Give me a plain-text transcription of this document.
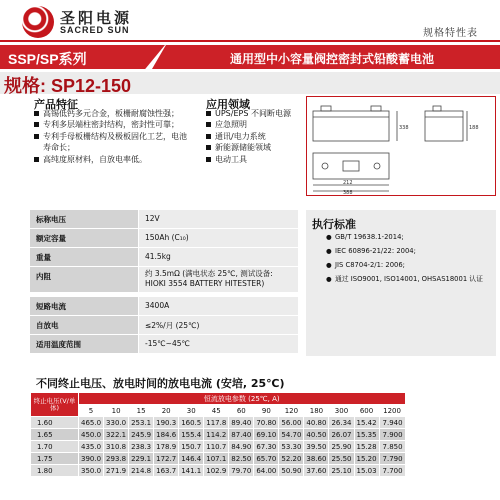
圣阳电源
SACRED SUN	规格特性表
SSP/SP系列	通用型中小容量阀控密封式铅酸蓄电池
规格: SP12-150
产品特征
高锡低钙多元合金，板栅耐腐蚀性强；
专利多层端柱密封结构，密封性可靠；
专利手母板栅结构及极板固化工艺，电池寿命长；
高纯度原材料，自放电率低。
应用领域
UPS/EPS 不间断电源
应急照明
通讯/电力系统
新能源储能领域
电动工具
338	188
212
388
标称电压	12V
额定容量	150Ah (C₁₀)
重量	41.5kg
内阻	约 3.5mΩ (满电状态 25℃, 测试设备:
HIOKI 3554 BATTERY HITESTER)
短路电流	3400A
自放电	≤2%/月 (25℃)
适用温度范围	-15℃~45℃
执行标准
● GB/T 19638.1-2014;
● IEC 60896-21/22: 2004;
● JIS C8704-2/1: 2006;
● 通过 ISO9001, ISO14001, OHSAS18001 认证
不同终止电压、放电时间的放电电流 (安培, 25℃)
终止电压(V/单体)	恒流放电参数 (25℃, A)												
	5	10	15	20	30	45	60	90	120	180	300	600	1200
1.60	465.0	330.0	253.1	190.3	160.5	117.8	89.40	70.80	56.00	40.80	26.34	15.42	7.940
1.65	450.0	322.1	245.9	184.6	155.4	114.2	87.40	69.10	54.70	40.50	26.07	15.35	7.900
1.70	435.0	310.8	238.3	178.9	150.7	110.7	84.90	67.30	53.30	39.50	25.90	15.28	7.850
1.75	390.0	293.8	229.1	172.7	146.4	107.1	82.50	65.70	52.20	38.60	25.50	15.20	7.790
1.80	350.0	271.9	214.8	163.7	141.1	102.9	79.70	64.00	50.90	37.60	25.10	15.03	7.700
